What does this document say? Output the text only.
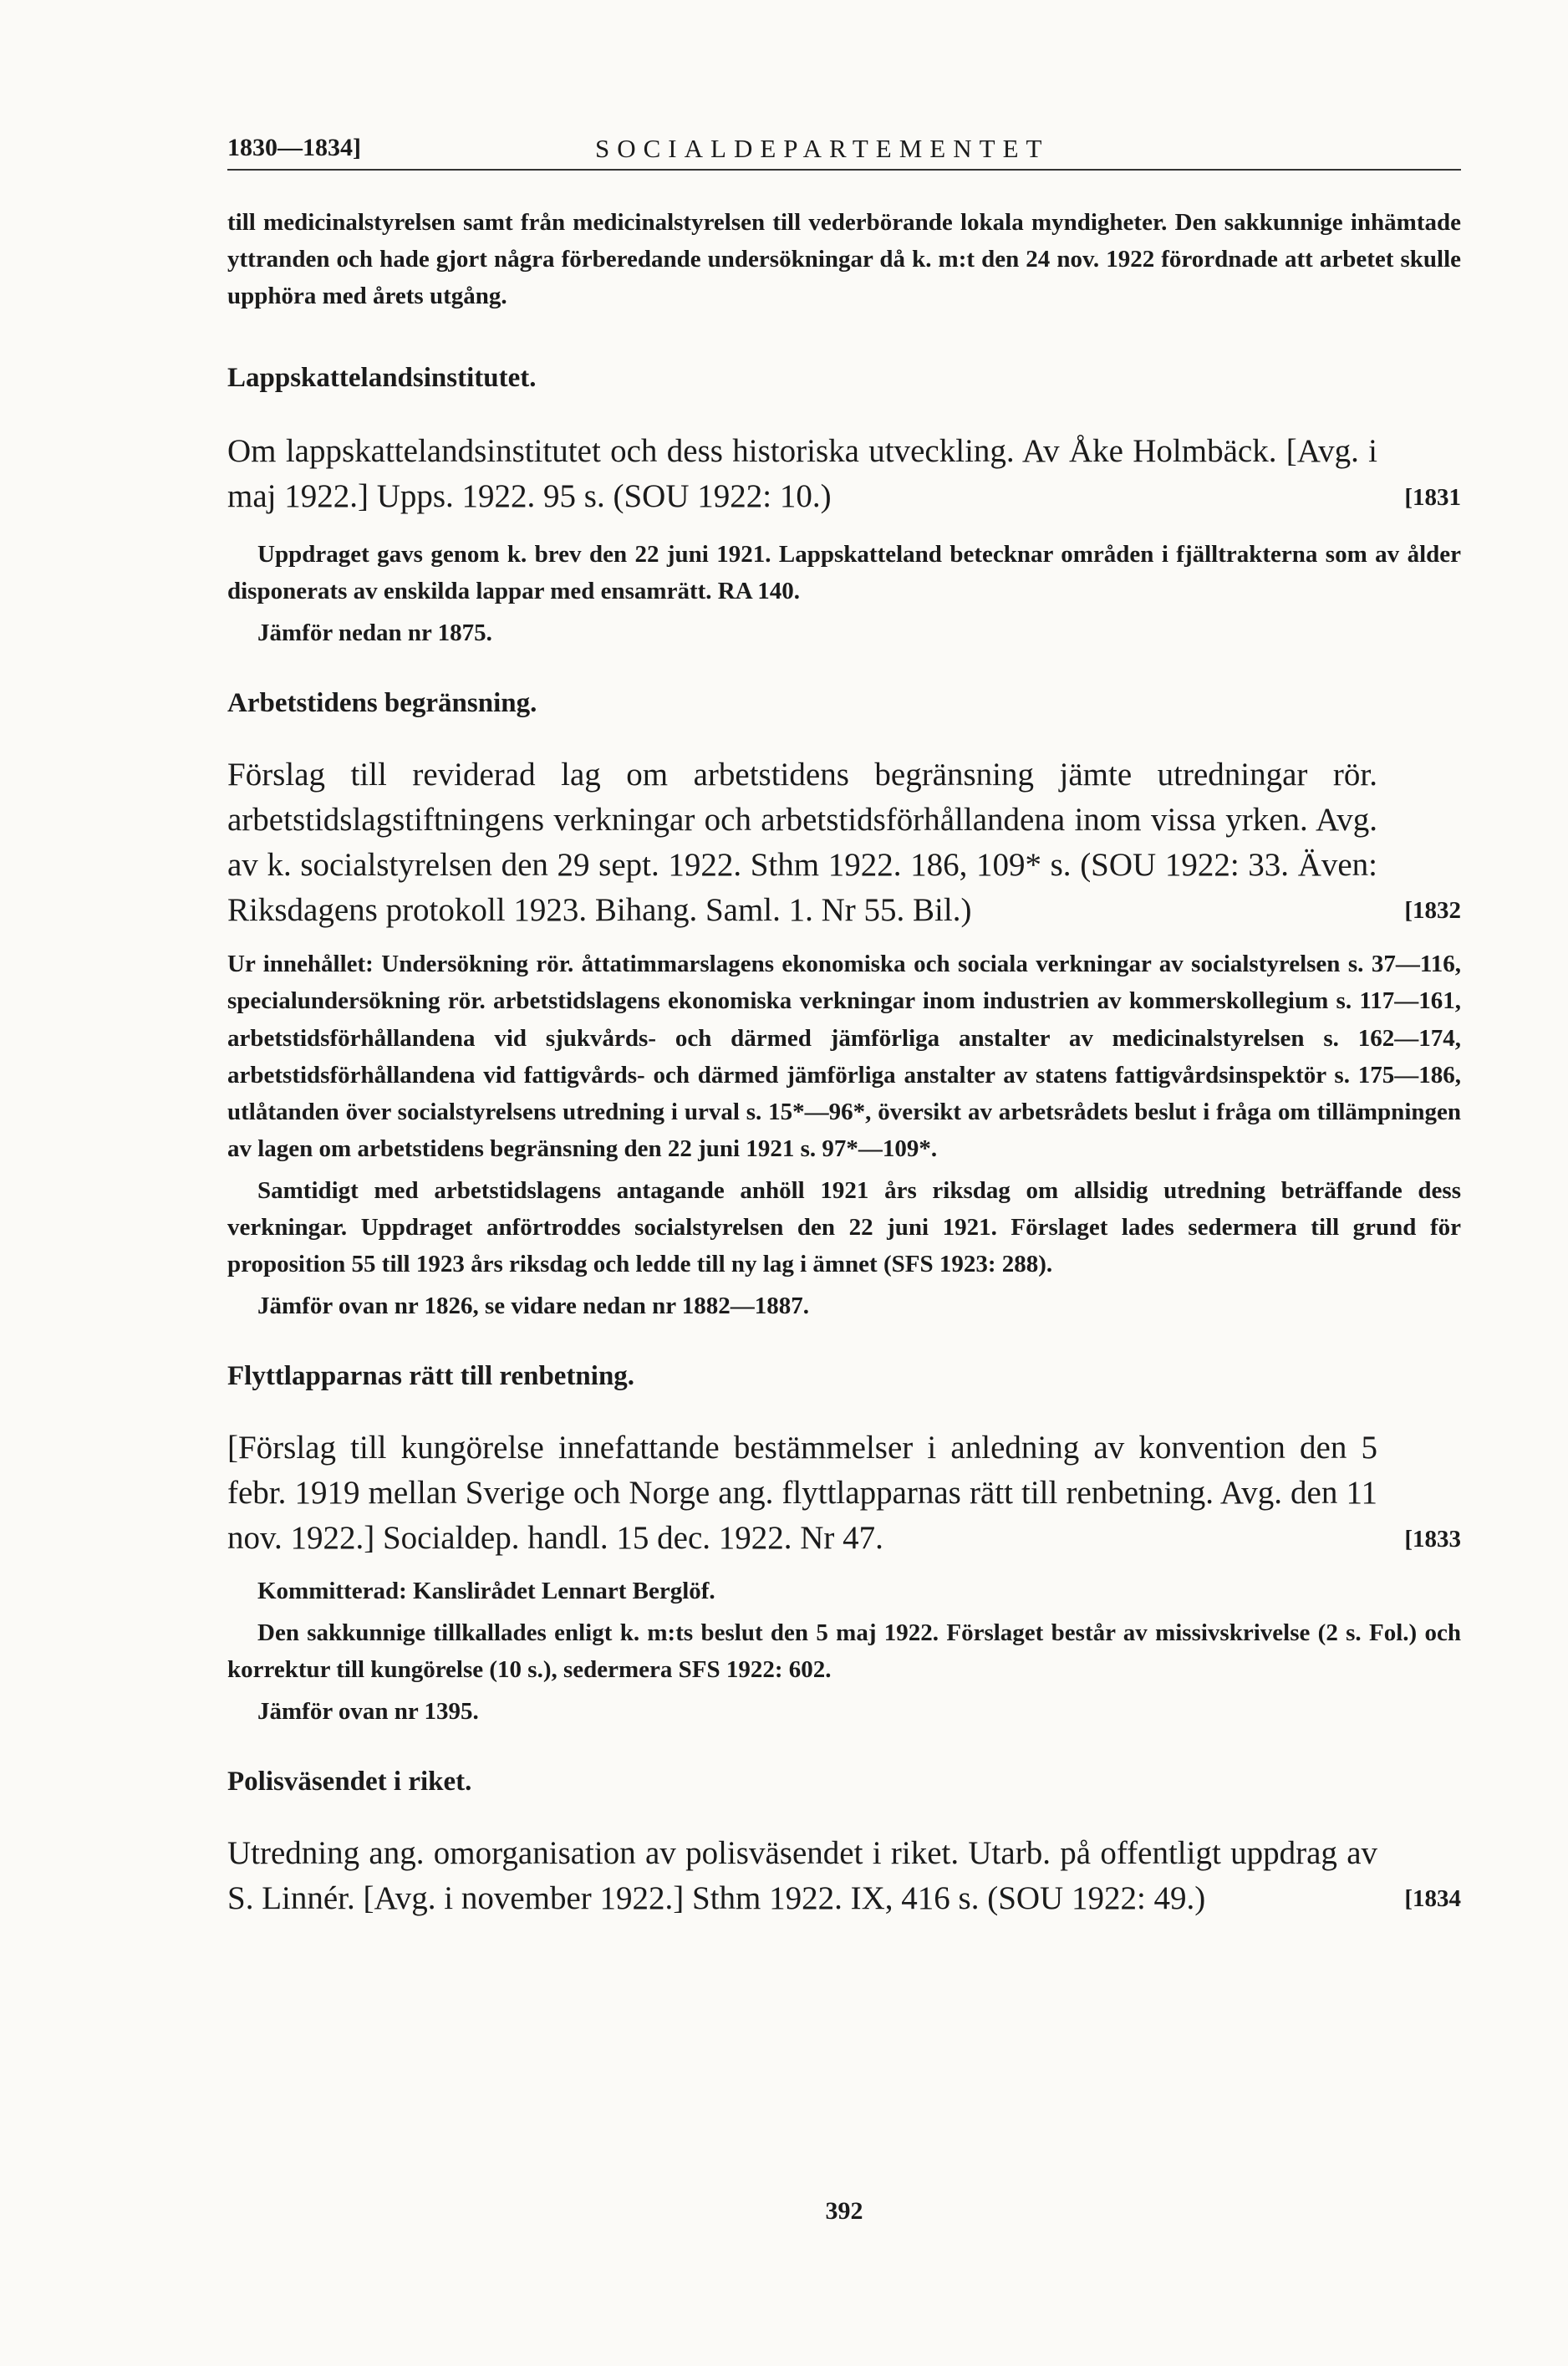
1830—1834]	SOCIALDEPARTEMENTET

till medicinalstyrelsen samt från medicinalstyrelsen till vederbörande lokala myndigheter. Den sakkunnige inhämtade yttranden och hade gjort några förberedande undersökningar då k. m:t den 24 nov. 1922 förordnade att arbetet skulle upphöra med årets utgång.

Lappskattelandsinstitutet.

Om lappskattelandsinstitutet och dess historiska utveckling. Av Åke Holmbäck. [Avg. i maj 1922.] Upps. 1922. 95 s. (SOU 1922: 10.)	[1831

Uppdraget gavs genom k. brev den 22 juni 1921. Lappskatteland betecknar områden i fjälltrakterna som av ålder disponerats av enskilda lappar med ensamrätt. RA 140.

Jämför nedan nr 1875.

Arbetstidens begränsning.

Förslag till reviderad lag om arbetstidens begränsning jämte utredningar rör. arbetstidslagstiftningens verkningar och arbetstidsförhållandena inom vissa yrken. Avg. av k. socialstyrelsen den 29 sept. 1922. Sthm 1922. 186, 109* s. (SOU 1922: 33. Även: Riksdagens protokoll 1923. Bihang. Saml. 1. Nr 55. Bil.)	[1832

Ur innehållet: Undersökning rör. åttatimmarslagens ekonomiska och sociala verkningar av socialstyrelsen s. 37—116, specialundersökning rör. arbetstidslagens ekonomiska verkningar inom industrien av kommerskollegium s. 117—161, arbetstidsförhållandena vid sjukvårds- och därmed jämförliga anstalter av medicinalstyrelsen s. 162—174, arbetstidsförhållandena vid fattigvårds- och därmed jämförliga anstalter av statens fattigvårdsinspektör s. 175—186, utlåtanden över socialstyrelsens utredning i urval s. 15*—96*, översikt av arbetsrådets beslut i fråga om tillämpningen av lagen om arbetstidens begränsning den 22 juni 1921 s. 97*—109*.

Samtidigt med arbetstidslagens antagande anhöll 1921 års riksdag om allsidig utredning beträffande dess verkningar. Uppdraget anförtroddes socialstyrelsen den 22 juni 1921. Förslaget lades sedermera till grund för proposition 55 till 1923 års riksdag och ledde till ny lag i ämnet (SFS 1923: 288).

Jämför ovan nr 1826, se vidare nedan nr 1882—1887.

Flyttlapparnas rätt till renbetning.

[Förslag till kungörelse innefattande bestämmelser i anledning av konvention den 5 febr. 1919 mellan Sverige och Norge ang. flyttlapparnas rätt till renbetning. Avg. den 11 nov. 1922.] Socialdep. handl. 15 dec. 1922. Nr 47.	[1833

Kommitterad: Kanslirådet Lennart Berglöf.

Den sakkunnige tillkallades enligt k. m:ts beslut den 5 maj 1922. Förslaget består av missivskrivelse (2 s. Fol.) och korrektur till kungörelse (10 s.), sedermera SFS 1922: 602.

Jämför ovan nr 1395.

Polisväsendet i riket.

Utredning ang. omorganisation av polisväsendet i riket. Utarb. på offentligt uppdrag av S. Linnér. [Avg. i november 1922.] Sthm 1922. IX, 416 s. (SOU 1922: 49.)	[1834
392
